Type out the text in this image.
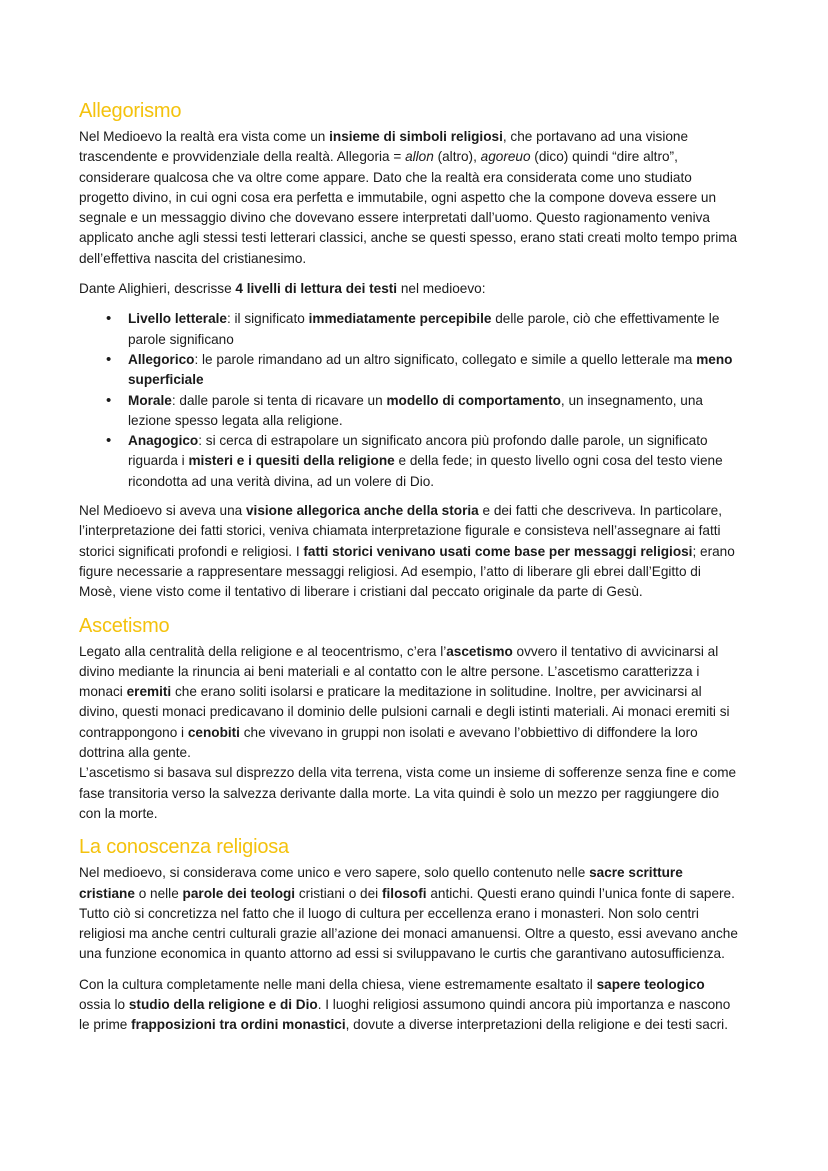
Allegorismo

Nel Medioevo la realtà era vista come un insieme di simboli religiosi, che portavano ad una visione trascendente e provvidenziale della realtà. Allegoria = allon (altro), agoreuo (dico) quindi “dire altro”, considerare qualcosa che va oltre come appare. Dato che la realtà era considerata come uno studiato progetto divino, in cui ogni cosa era perfetta e immutabile, ogni aspetto che la compone doveva essere un segnale e un messaggio divino che dovevano essere interpretati dall’uomo. Questo ragionamento veniva applicato anche agli stessi testi letterari classici, anche se questi spesso, erano stati creati molto tempo prima dell’effettiva nascita del cristianesimo.

Dante Alighieri, descrisse 4 livelli di lettura dei testi nel medioevo:

• Livello letterale: il significato immediatamente percepibile delle parole, ciò che effettivamente le parole significano
• Allegorico: le parole rimandano ad un altro significato, collegato e simile a quello letterale ma meno superficiale
• Morale: dalle parole si tenta di ricavare un modello di comportamento, un insegnamento, una lezione spesso legata alla religione.
• Anagogico: si cerca di estrapolare un significato ancora più profondo dalle parole, un significato riguarda i misteri e i quesiti della religione e della fede; in questo livello ogni cosa del testo viene ricondotta ad una verità divina, ad un volere di Dio.

Nel Medioevo si aveva una visione allegorica anche della storia e dei fatti che descriveva. In particolare, l’interpretazione dei fatti storici, veniva chiamata interpretazione figurale e consisteva nell’assegnare ai fatti storici significati profondi e religiosi. I fatti storici venivano usati come base per messaggi religiosi; erano figure necessarie a rappresentare messaggi religiosi. Ad esempio, l’atto di liberare gli ebrei dall’Egitto di Mosè, viene visto come il tentativo di liberare i cristiani dal peccato originale da parte di Gesù.

Ascetismo

Legato alla centralità della religione e al teocentrismo, c’era l’ascetismo ovvero il tentativo di avvicinarsi al divino mediante la rinuncia ai beni materiali e al contatto con le altre persone. L’ascetismo caratterizza i monaci eremiti che erano soliti isolarsi e praticare la meditazione in solitudine. Inoltre, per avvicinarsi al divino, questi monaci predicavano il dominio delle pulsioni carnali e degli istinti materiali. Ai monaci eremiti si contrappongono i cenobiti che vivevano in gruppi non isolati e avevano l’obbiettivo di diffondere la loro dottrina alla gente.

L’ascetismo si basava sul disprezzo della vita terrena, vista come un insieme di sofferenze senza fine e come fase transitoria verso la salvezza derivante dalla morte. La vita quindi è solo un mezzo per raggiungere dio con la morte.

La conoscenza religiosa

Nel medioevo, si considerava come unico e vero sapere, solo quello contenuto nelle sacre scritture cristiane o nelle parole dei teologi cristiani o dei filosofi antichi. Questi erano quindi l’unica fonte di sapere. Tutto ciò si concretizza nel fatto che il luogo di cultura per eccellenza erano i monasteri. Non solo centri religiosi ma anche centri culturali grazie all’azione dei monaci amanuensi. Oltre a questo, essi avevano anche una funzione economica in quanto attorno ad essi si sviluppavano le curtis che garantivano autosufficienza.

Con la cultura completamente nelle mani della chiesa, viene estremamente esaltato il sapere teologico ossia lo studio della religione e di Dio. I luoghi religiosi assumono quindi ancora più importanza e nascono le prime frapposizioni tra ordini monastici, dovute a diverse interpretazioni della religione e dei testi sacri.
